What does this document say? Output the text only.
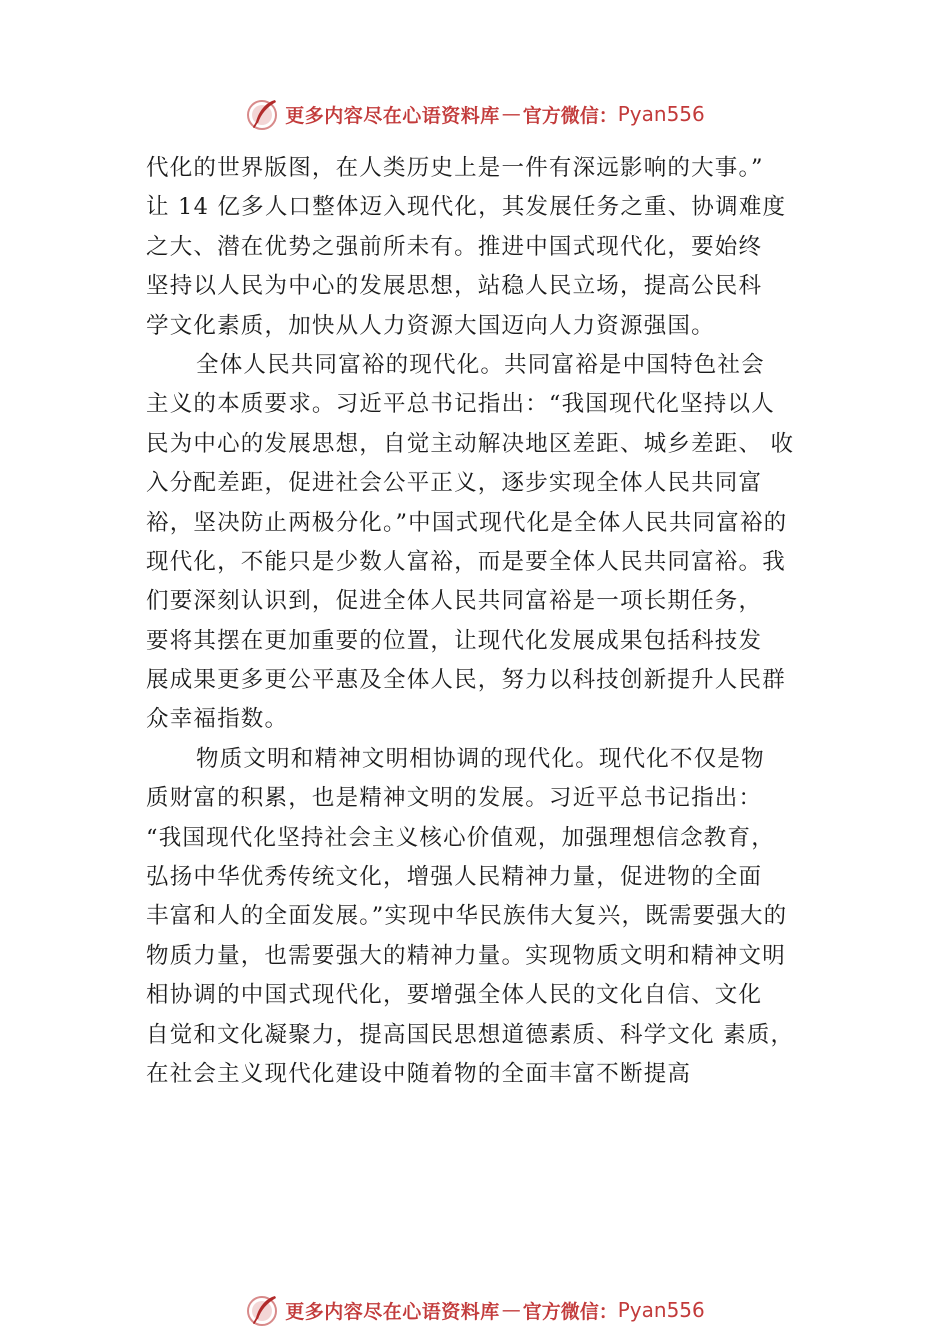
更多内容尽在心语资料库 — 官方微信： Pyan556
代化的世界版图，在人类历史上是一件有深远影响的大事。”
让 14 亿多人口整体迈入现代化，其发展任务之重、协调难度
之大、潜在优势之强前所未有。推进中国式现代化，要始终
坚持以人民为中心的发展思想，站稳人民立场，提高公民科
学文化素质，加快从人力资源大国迈向人力资源强国。
全体人民共同富裕的现代化。共同富裕是中国特色社会
主义的本质要求。习近平总书记指出：“我国现代化坚持以人
民为中心的发展思想，自觉主动解决地区差距、城乡差距、 收
入分配差距，促进社会公平正义，逐步实现全体人民共同富
裕，坚决防止两极分化。”中国式现代化是全体人民共同富裕的
现代化，不能只是少数人富裕，而是要全体人民共同富裕。我
们要深刻认识到，促进全体人民共同富裕是一项长期任务，
要将其摆在更加重要的位置，让现代化发展成果包括科技发
展成果更多更公平惠及全体人民，努力以科技创新提升人民群
众幸福指数。
物质文明和精神文明相协调的现代化。现代化不仅是物
质财富的积累，也是精神文明的发展。习近平总书记指出：
“我国现代化坚持社会主义核心价值观，加强理想信念教育，
弘扬中华优秀传统文化，增强人民精神力量，促进物的全面
丰富和人的全面发展。”实现中华民族伟大复兴，既需要强大的
物质力量，也需要强大的精神力量。实现物质文明和精神文明
相协调的中国式现代化，要增强全体人民的文化自信、文化
自觉和文化凝聚力，提高国民思想道德素质、科学文化 素质，
在社会主义现代化建设中随着物的全面丰富不断提高
更多内容尽在心语资料库 — 官方微信： Pyan556
